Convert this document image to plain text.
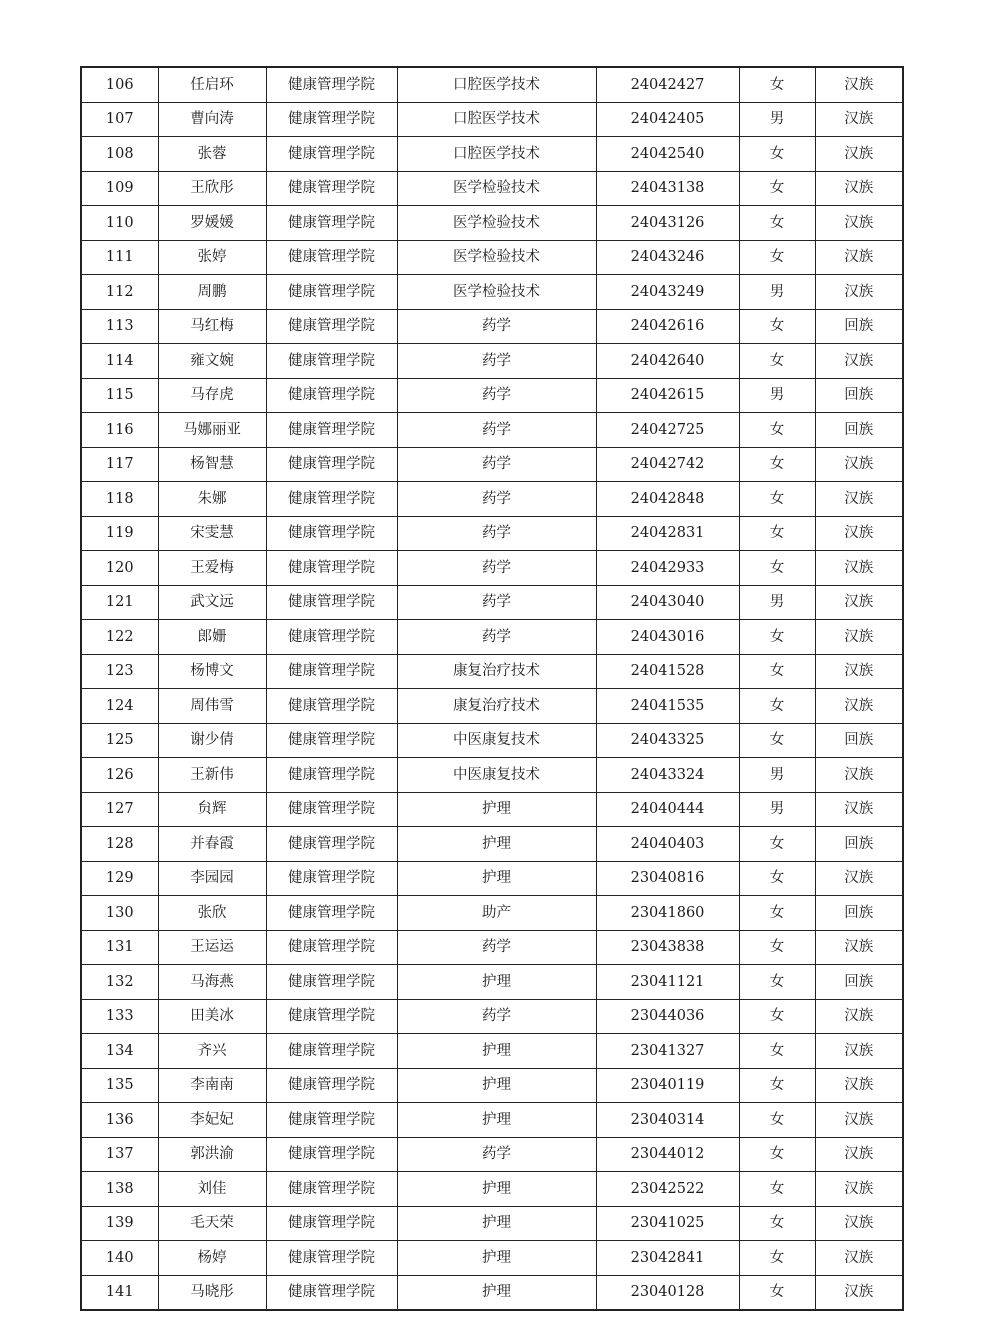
106	任启环	健康管理学院	口腔医学技术	24042427	女	汉族
107	曹向涛	健康管理学院	口腔医学技术	24042405	男	汉族
108	张蓉	健康管理学院	口腔医学技术	24042540	女	汉族
109	王欣彤	健康管理学院	医学检验技术	24043138	女	汉族
110	罗媛媛	健康管理学院	医学检验技术	24043126	女	汉族
111	张婷	健康管理学院	医学检验技术	24043246	女	汉族
112	周鹏	健康管理学院	医学检验技术	24043249	男	汉族
113	马红梅	健康管理学院	药学	24042616	女	回族
114	雍文婉	健康管理学院	药学	24042640	女	汉族
115	马存虎	健康管理学院	药学	24042615	男	回族
116	马娜丽亚	健康管理学院	药学	24042725	女	回族
117	杨智慧	健康管理学院	药学	24042742	女	汉族
118	朱娜	健康管理学院	药学	24042848	女	汉族
119	宋雯慧	健康管理学院	药学	24042831	女	汉族
120	王爱梅	健康管理学院	药学	24042933	女	汉族
121	武文远	健康管理学院	药学	24043040	男	汉族
122	郎姗	健康管理学院	药学	24043016	女	汉族
123	杨博文	健康管理学院	康复治疗技术	24041528	女	汉族
124	周伟雪	健康管理学院	康复治疗技术	24041535	女	汉族
125	谢少倩	健康管理学院	中医康复技术	24043325	女	回族
126	王新伟	健康管理学院	中医康复技术	24043324	男	汉族
127	贠辉	健康管理学院	护理	24040444	男	汉族
128	并春霞	健康管理学院	护理	24040403	女	回族
129	李园园	健康管理学院	护理	23040816	女	汉族
130	张欣	健康管理学院	助产	23041860	女	回族
131	王运运	健康管理学院	药学	23043838	女	汉族
132	马海燕	健康管理学院	护理	23041121	女	回族
133	田美冰	健康管理学院	药学	23044036	女	汉族
134	齐兴	健康管理学院	护理	23041327	女	汉族
135	李南南	健康管理学院	护理	23040119	女	汉族
136	李妃妃	健康管理学院	护理	23040314	女	汉族
137	郭洪渝	健康管理学院	药学	23044012	女	汉族
138	刘佳	健康管理学院	护理	23042522	女	汉族
139	毛天荣	健康管理学院	护理	23041025	女	汉族
140	杨婷	健康管理学院	护理	23042841	女	汉族
141	马晓彤	健康管理学院	护理	23040128	女	汉族
